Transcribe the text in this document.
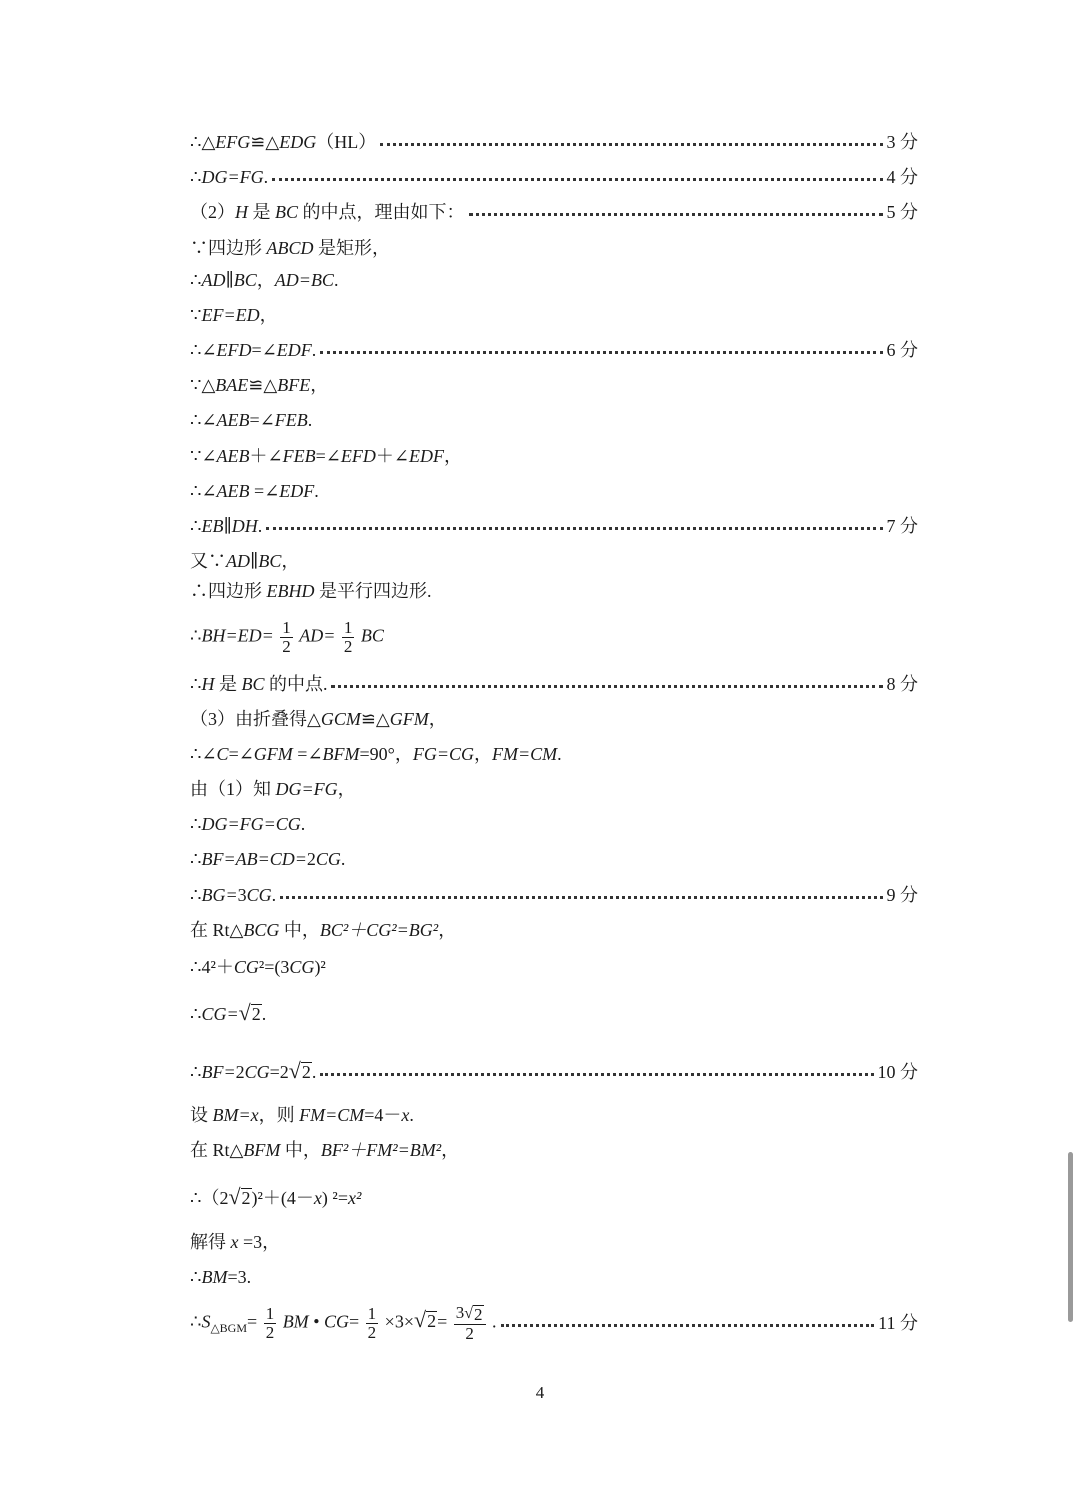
∴△EFG≌△EDG（HL）	3 分
∴DG=FG.	4 分
（2）H 是 BC 的中点，理由如下：	5 分
∵四边形 ABCD 是矩形，
∴AD∥BC，AD=BC.
∵EF=ED，
∴∠EFD=∠EDF.	6 分
∵△BAE≌△BFE，
∴∠AEB=∠FEB.
∵∠AEB＋∠FEB=∠EFD＋∠EDF，
∴∠AEB =∠EDF.
∴EB∥DH.	7 分
又∵AD∥BC，
∴四边形 EBHD 是平行四边形.
∴BH=ED= $\frac{1}{2} AD= \frac{1}{2}$ BC
∴H 是 BC 的中点.	8 分
（3）由折叠得△GCM≌△GFM，
∴∠C=∠GFM =∠BFM=90°，FG=CG，FM=CM.
由（1）知 DG=FG，
∴DG=FG=CG.
∴BF=AB=CD=2CG.
∴BG=3CG.	9 分
在 Rt△BCG 中，BC²＋CG²=BG²，
∴4²＋CG²=(3CG)²
∴CG= √ 2 .
∴BF=2CG=2 √ 2 .	10 分
设 BM=x，则 FM=CM=4－x.
在 Rt△BFM 中，BF²＋FM²=BM²，
∴（2 √ 2 )²＋(4－x) ²=x²
解得 x =3，
∴BM=3.
$\therefore S_{\triangle BGM}= \frac{1}{2}$ BM • $CG= \frac{1}{2} \times 3\times$ √ $2 = \frac{3 √ 2}{2}$ .	11 分
4
